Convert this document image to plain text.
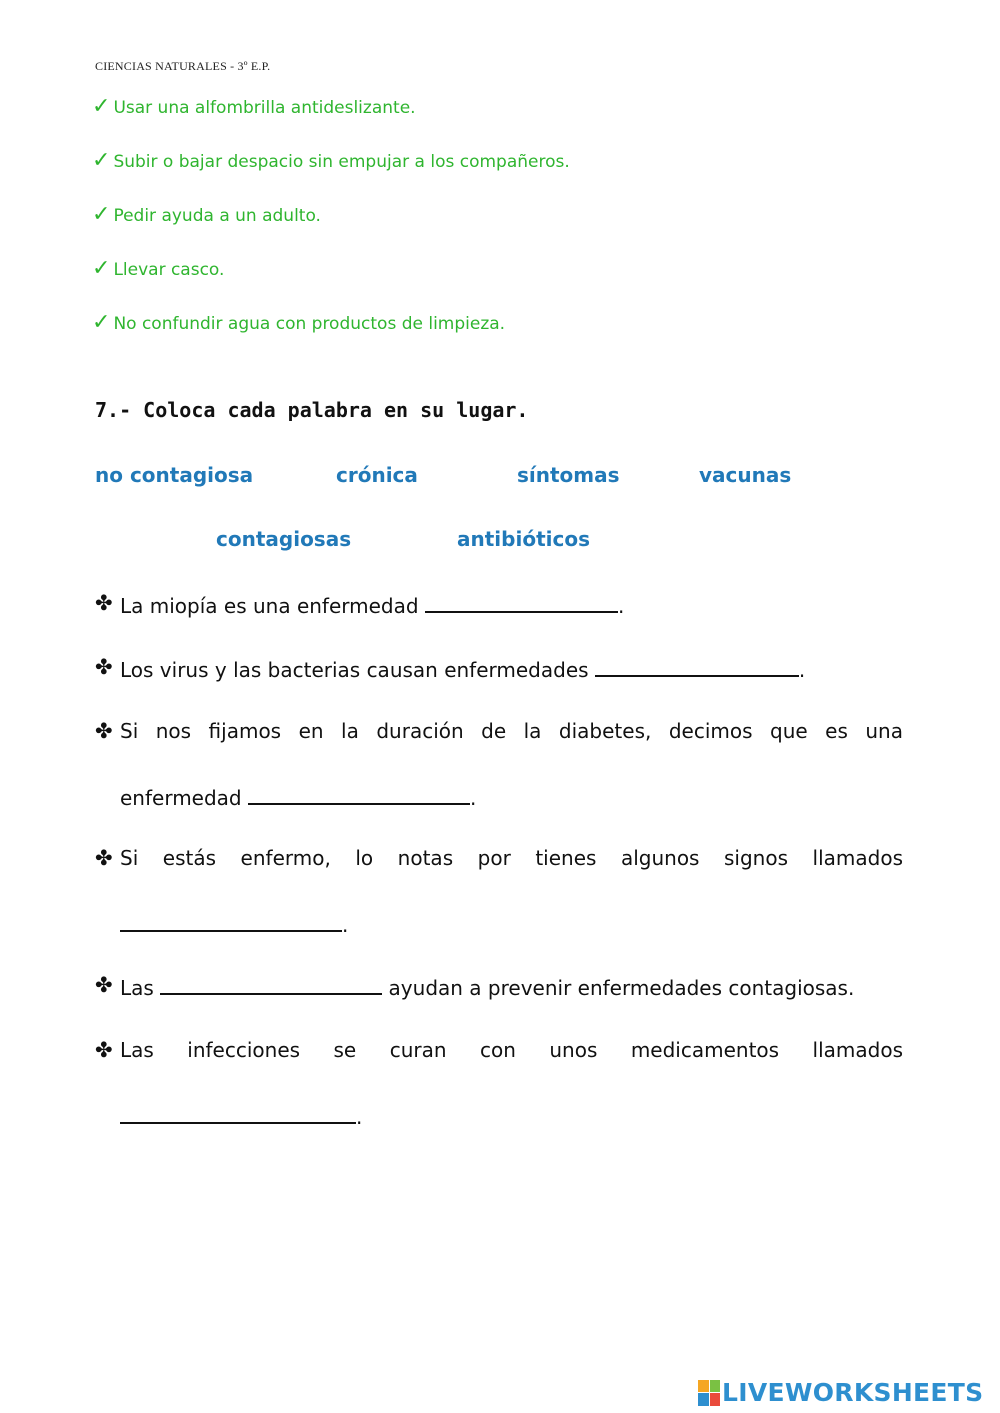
CIENCIAS NATURALES - 3º E.P.
✓ Usar una alfombrilla antideslizante.
✓ Subir o bajar despacio sin empujar a los compañeros.
✓ Pedir ayuda a un adulto.
✓ Llevar casco.
✓ No confundir agua con productos de limpieza.
7.- Coloca cada palabra en su lugar.
no contagiosa	crónica	síntomas	vacunas
contagiosas	antibióticos
✤ La miopía es una enfermedad	.
✤ Los virus y las bacterias causan enfermedades	.
✤ Si nos fijamos en la duración de la diabetes, decimos que es una
enfermedad	.
✤ Si estás enfermo, lo notas por tienes algunos signos llamados
.
✤ Las	ayudan a prevenir enfermedades contagiosas.
✤ Las infecciones se curan con unos medicamentos llamados
.
LIVEWORKSHEETS
